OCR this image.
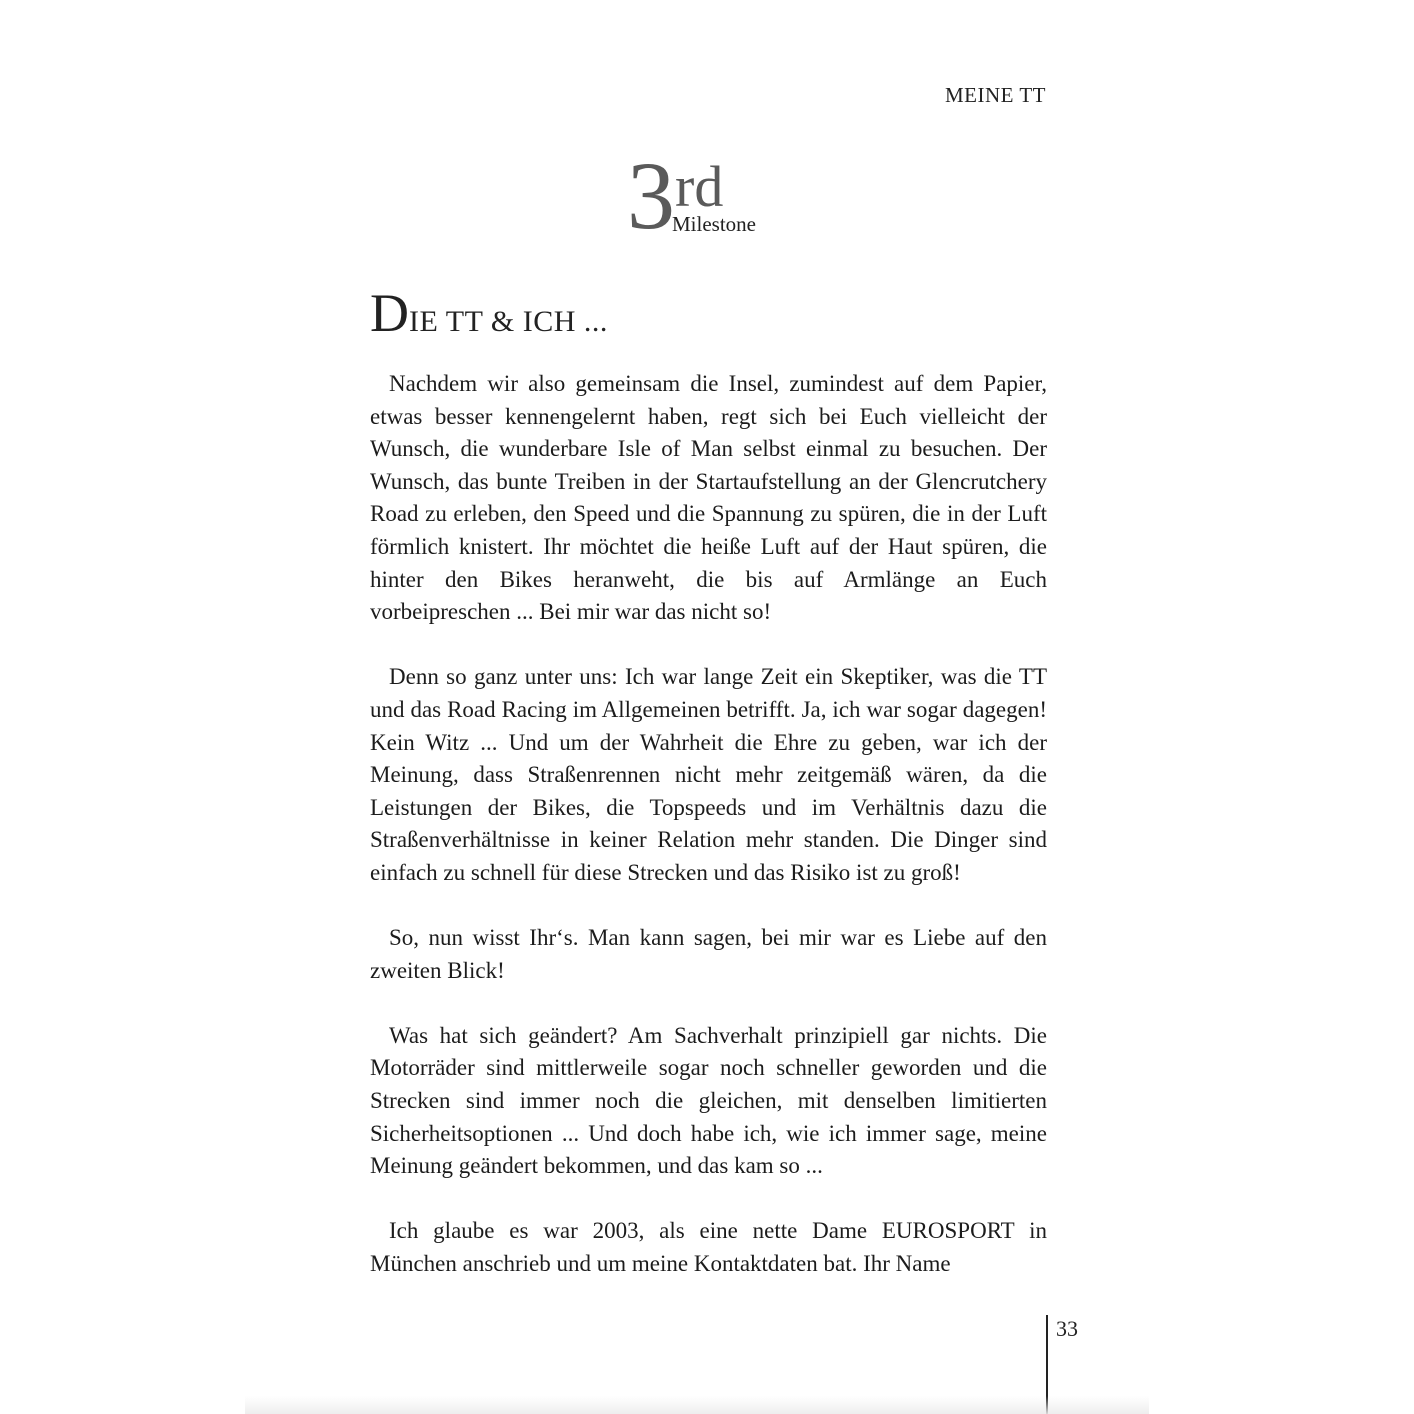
MEINE TT
3 rd
Milestone
DIE TT & ICH ...

Nachdem wir also gemeinsam die Insel, zumindest auf dem Papier, etwas besser kennengelernt haben, regt sich bei Euch vielleicht der Wunsch, die wunderbare Isle of Man selbst einmal zu besuchen. Der Wunsch, das bunte Treiben in der Startaufstellung an der Glencrutchery Road zu erleben, den Speed und die Spannung zu spüren, die in der Luft förmlich knistert. Ihr möchtet die heiße Luft auf der Haut spüren, die hinter den Bikes heranweht, die bis auf Armlänge an Euch vorbeipreschen ... Bei mir war das nicht so!

Denn so ganz unter uns: Ich war lange Zeit ein Skeptiker, was die TT und das Road Racing im Allgemeinen betrifft. Ja, ich war sogar dagegen! Kein Witz ... Und um der Wahrheit die Ehre zu geben, war ich der Meinung, dass Straßenrennen nicht mehr zeitgemäß wären, da die Leistungen der Bikes, die Topspeeds und im Verhältnis dazu die Straßenverhältnisse in keiner Relation mehr standen. Die Dinger sind einfach zu schnell für diese Strecken und das Risiko ist zu groß!

So, nun wisst Ihr‘s. Man kann sagen, bei mir war es Liebe auf den zweiten Blick!

Was hat sich geändert? Am Sachverhalt prinzipiell gar nichts. Die Motorräder sind mittlerweile sogar noch schneller geworden und die Strecken sind immer noch die gleichen, mit denselben limitierten Sicherheitsoptionen ... Und doch habe ich, wie ich immer sage, meine Meinung geändert bekommen, und das kam so ...

Ich glaube es war 2003, als eine nette Dame EUROSPORT in München anschrieb und um meine Kontaktdaten bat. Ihr Name

33
